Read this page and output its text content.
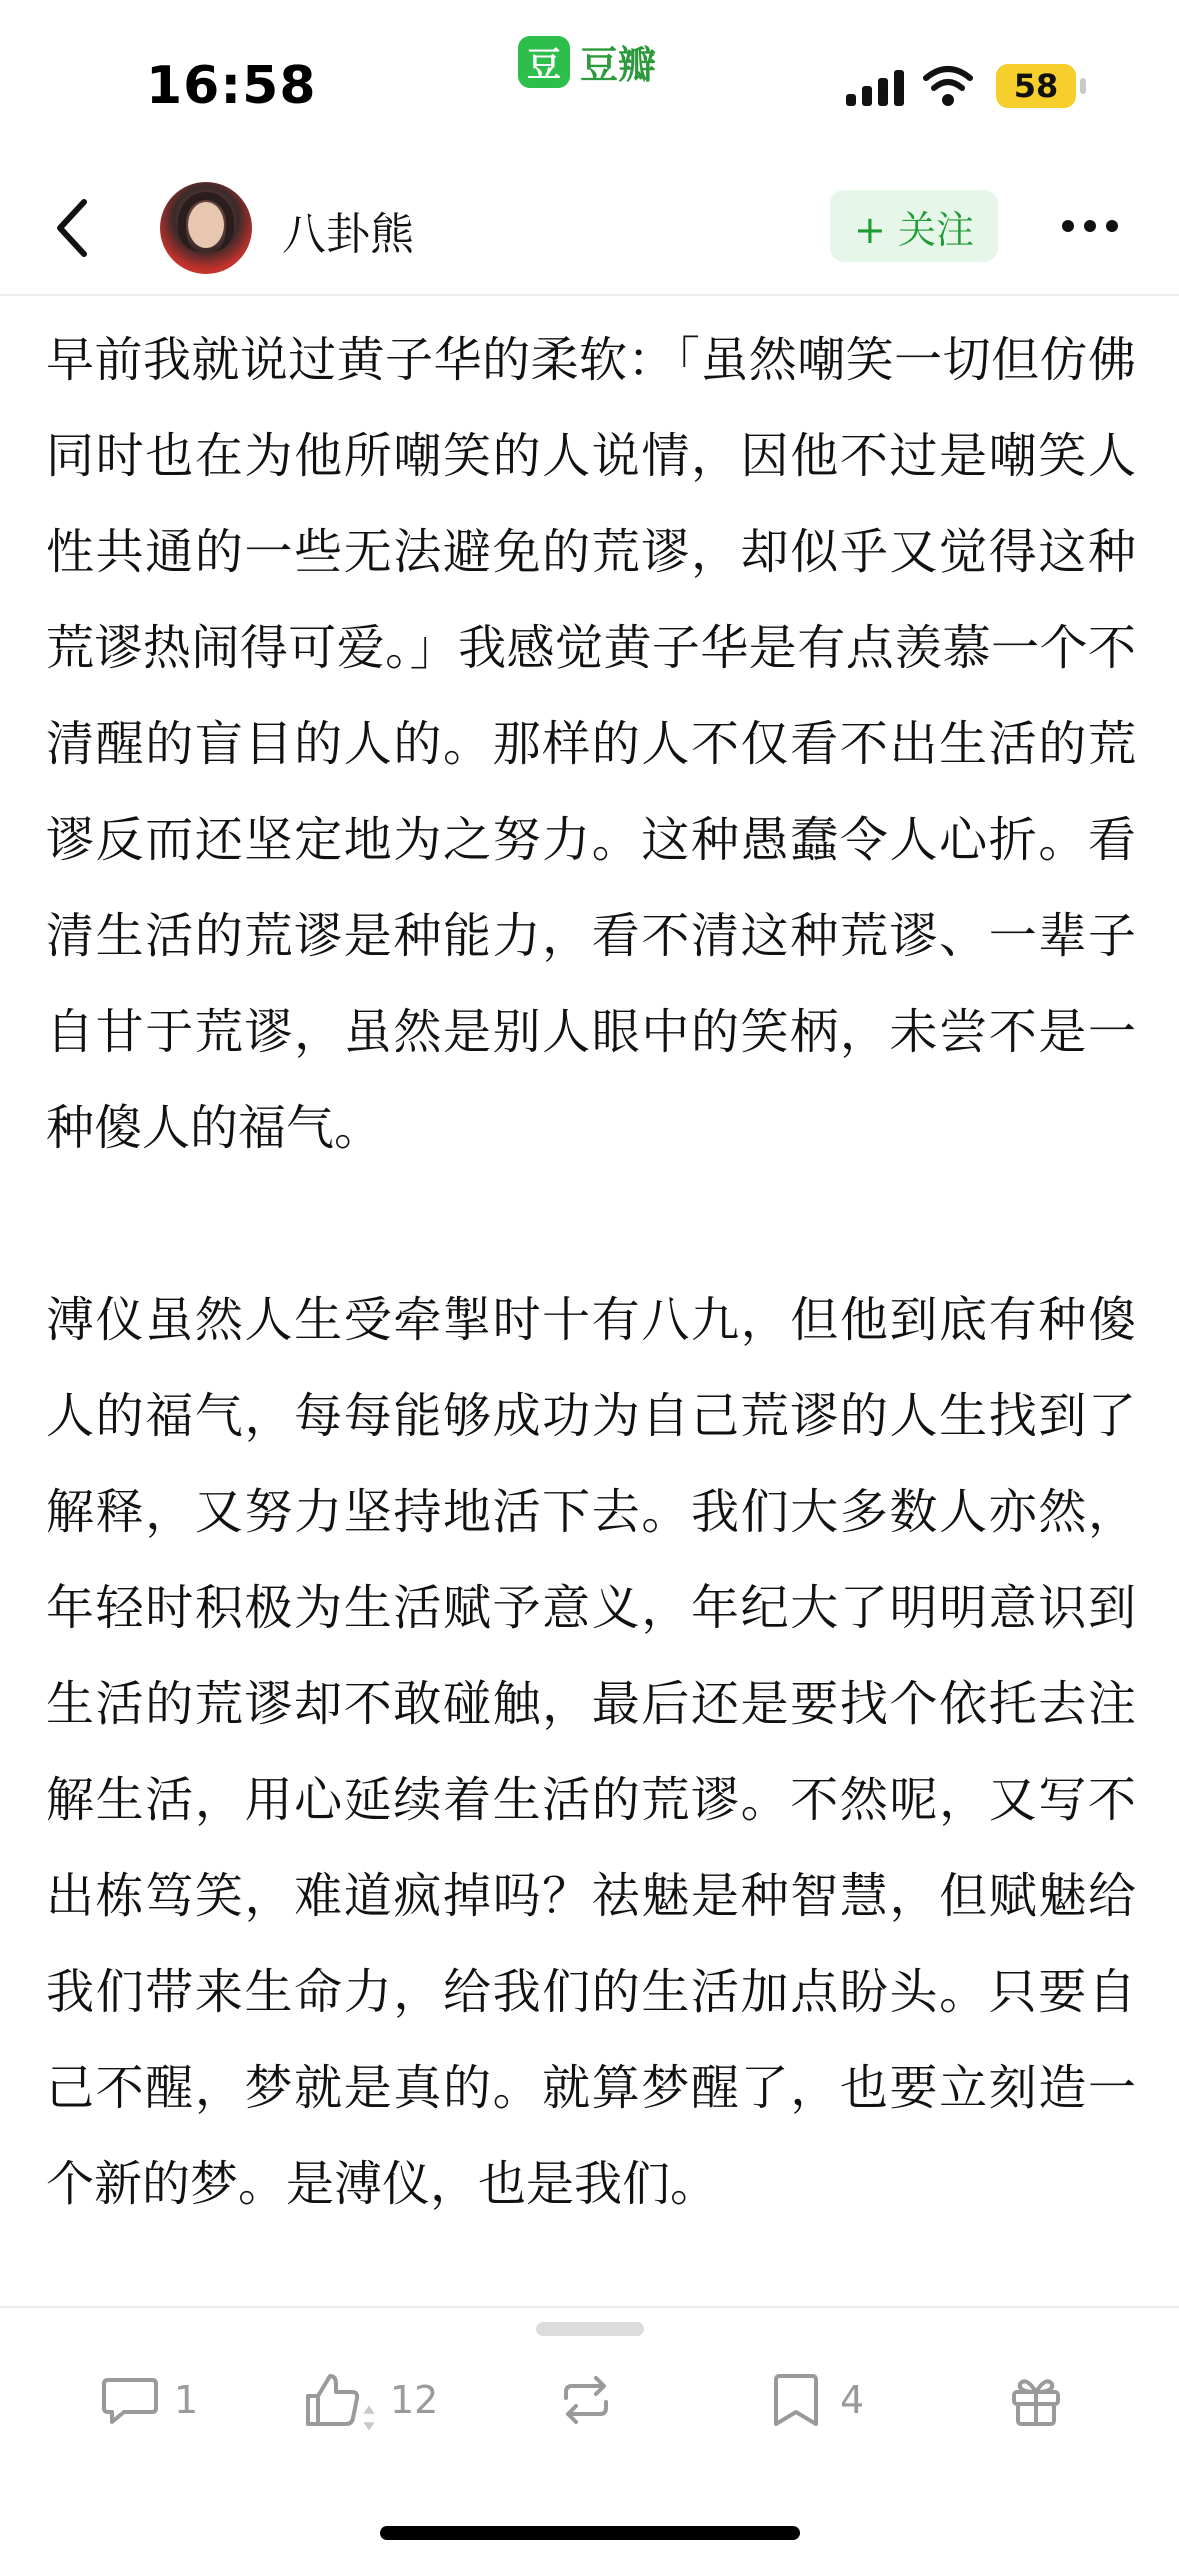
16:58	豆 豆瓣	58
八卦熊	+ 关注

早前我就说过黄子华的柔软：「虽然嘲笑一切但仿佛同时也在为他所嘲笑的人说情，因他不过是嘲笑人性共通的一些无法避免的荒谬，却似乎又觉得这种荒谬热闹得可爱。」我感觉黄子华是有点羡慕一个不清醒的盲目的人的。那样的人不仅看不出生活的荒谬反而还坚定地为之努力。这种愚蠢令人心折。看清生活的荒谬是种能力，看不清这种荒谬、一辈子自甘于荒谬，虽然是别人眼中的笑柄，未尝不是一种傻人的福气。

溥仪虽然人生受牵掣时十有八九，但他到底有种傻人的福气，每每能够成功为自己荒谬的人生找到了解释，又努力坚持地活下去。我们大多数人亦然，年轻时积极为生活赋予意义，年纪大了明明意识到生活的荒谬却不敢碰触，最后还是要找个依托去注解生活，用心延续着生活的荒谬。不然呢，又写不出栋笃笑，难道疯掉吗？祛魅是种智慧，但赋魅给我们带来生命力，给我们的生活加点盼头。只要自己不醒，梦就是真的。就算梦醒了，也要立刻造一个新的梦。是溥仪，也是我们。

1	12	4
